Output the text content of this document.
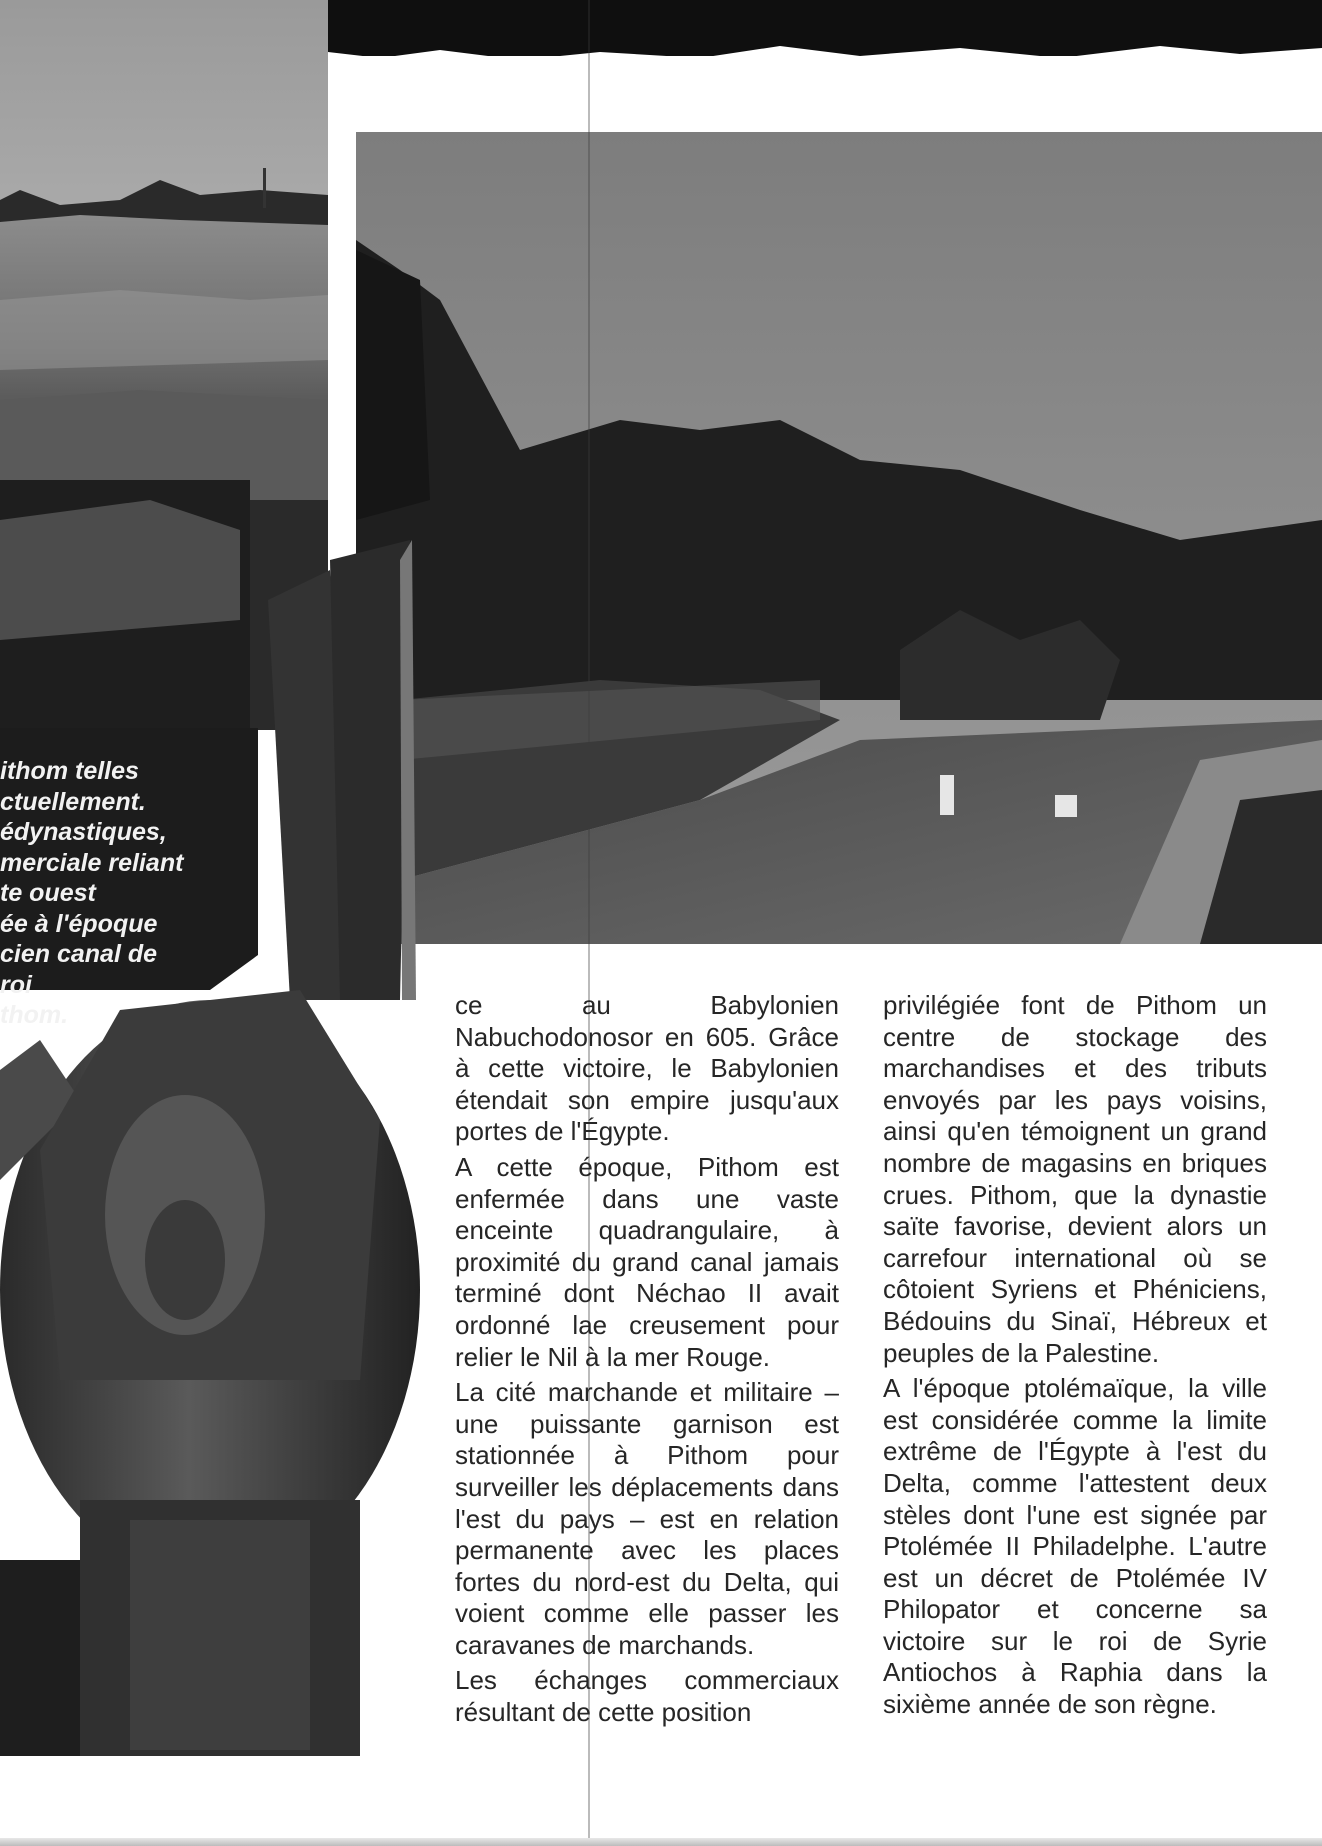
ithom telles
ctuellement.
édynastiques,
merciale reliant
te ouest
ée à l'époque
cien canal de
roi
thom.	ce au Babylonien Nabuchodonosor en 605. Grâce à cette victoire, le Babylonien étendait son empire jusqu'aux portes de l'Égypte.

A cette époque, Pithom est enfermée dans une vaste enceinte quadrangulaire, à proximité du grand canal jamais terminé dont Néchao II avait ordonné lae creusement pour relier le Nil à la mer Rouge.

La cité marchande et militaire – une puissante garnison est stationnée à Pithom pour surveiller les déplacements dans l'est du pays – est en relation permanente avec les places fortes du nord-est du Delta, qui voient comme elle passer les caravanes de marchands.

Les échanges commerciaux résultant de cette position

privilégiée font de Pithom un centre de stockage des marchandises et des tributs envoyés par les pays voisins, ainsi qu'en témoignent un grand nombre de magasins en briques crues. Pithom, que la dynastie saïte favorise, devient alors un carrefour international où se côtoient Syriens et Phéniciens, Bédouins du Sinaï, Hébreux et peuples de la Palestine.

A l'époque ptolémaïque, la ville est considérée comme la limite extrême de l'Égypte à l'est du Delta, comme l'attestent deux stèles dont l'une est signée par Ptolémée II Philadelphe. L'autre est un décret de Ptolémée IV Philopator et concerne sa victoire sur le roi de Syrie Antiochos à Raphia dans la sixième année de son règne.
